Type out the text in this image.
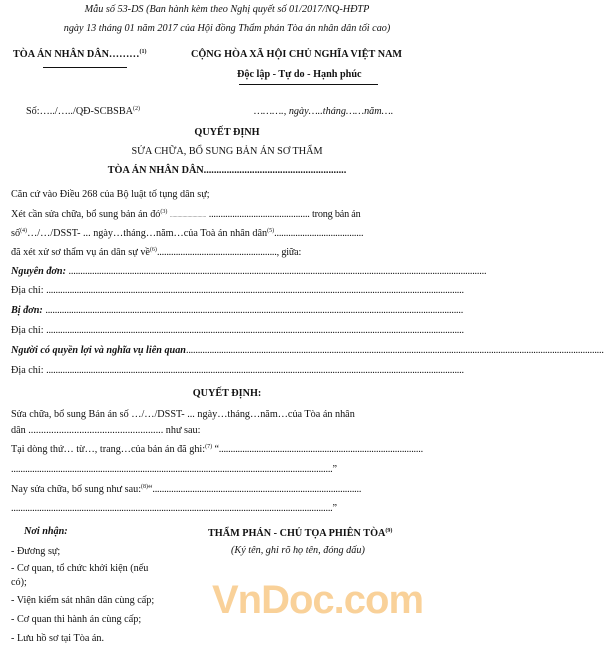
Mẫu số 53-DS (Ban hành kèm theo Nghị quyết số 01/2017/NQ-HĐTP
ngày 13 tháng 01 năm 2017 của Hội đồng Thẩm phán Tòa án nhân dân tối cao)
TÒA ÁN NHÂN DÂN………$^{(1)}$	CỘNG HÒA XÃ HỘI CHỦ NGHĨA VIỆT NAM
Độc lập - Tự do - Hạnh phúc
Số:…../…../QĐ-SCBSBA$^{(2)}$	………., ngày…..tháng……năm….
QUYẾT ĐỊNH
SỬA CHỮA, BỔ SUNG BẢN ÁN SƠ THẨM
TÒA ÁN NHÂN DÂN........................................................
Căn cứ vào Điều 268 của Bộ luật tố tụng dân sự;
Xét cần sửa chữa, bổ sung bản án $đó^{(3)}$ ............................. ........................................... trong bản án
số$^{(4)}$…/…/DSST- ... ngày…tháng…năm…của Toà án nhân dân$^{(5)}$......................................
đã xét xử sơ thẩm vụ án dân sự về$^{(6)}$..................................................., giữa:
Nguyên đơn: ..................................................................................................................................................................................
Địa chỉ: ..................................................................................................................................................................................
Bị đơn: ..................................................................................................................................................................................
Địa chỉ: ..................................................................................................................................................................................
Người có quyền lợi và nghĩa vụ liên quan..................................................................................................................................................................................
Địa chỉ: ..................................................................................................................................................................................
QUYẾT ĐỊNH:
Sửa chữa, bổ sung Bản án số …/…/DSST- ... ngày…tháng…năm…của Tòa án nhân
dân ..................................................... như sau:
Tại dòng thứ… từ…, trang…của bản án đã ghi:$^{(7)}$ “.......................................................................................
.........................................................................................................................................”
Nay sửa chữa, bổ sung như sau:$^{(8)}$“.........................................................................................
.........................................................................................................................................”
Nơi nhận:
- Đương sự;
- Cơ quan, tổ chức khởi kiện (nếu
có);
- Viện kiểm sát nhân dân cùng cấp;
- Cơ quan thi hành án cùng cấp;
- Lưu hồ sơ tại Tòa án.
THẨM PHÁN - CHỦ TỌA PHIÊN TÒA$^{(9)}$
(Ký tên, ghi rõ họ tên, đóng dấu)
VnDoc.com
